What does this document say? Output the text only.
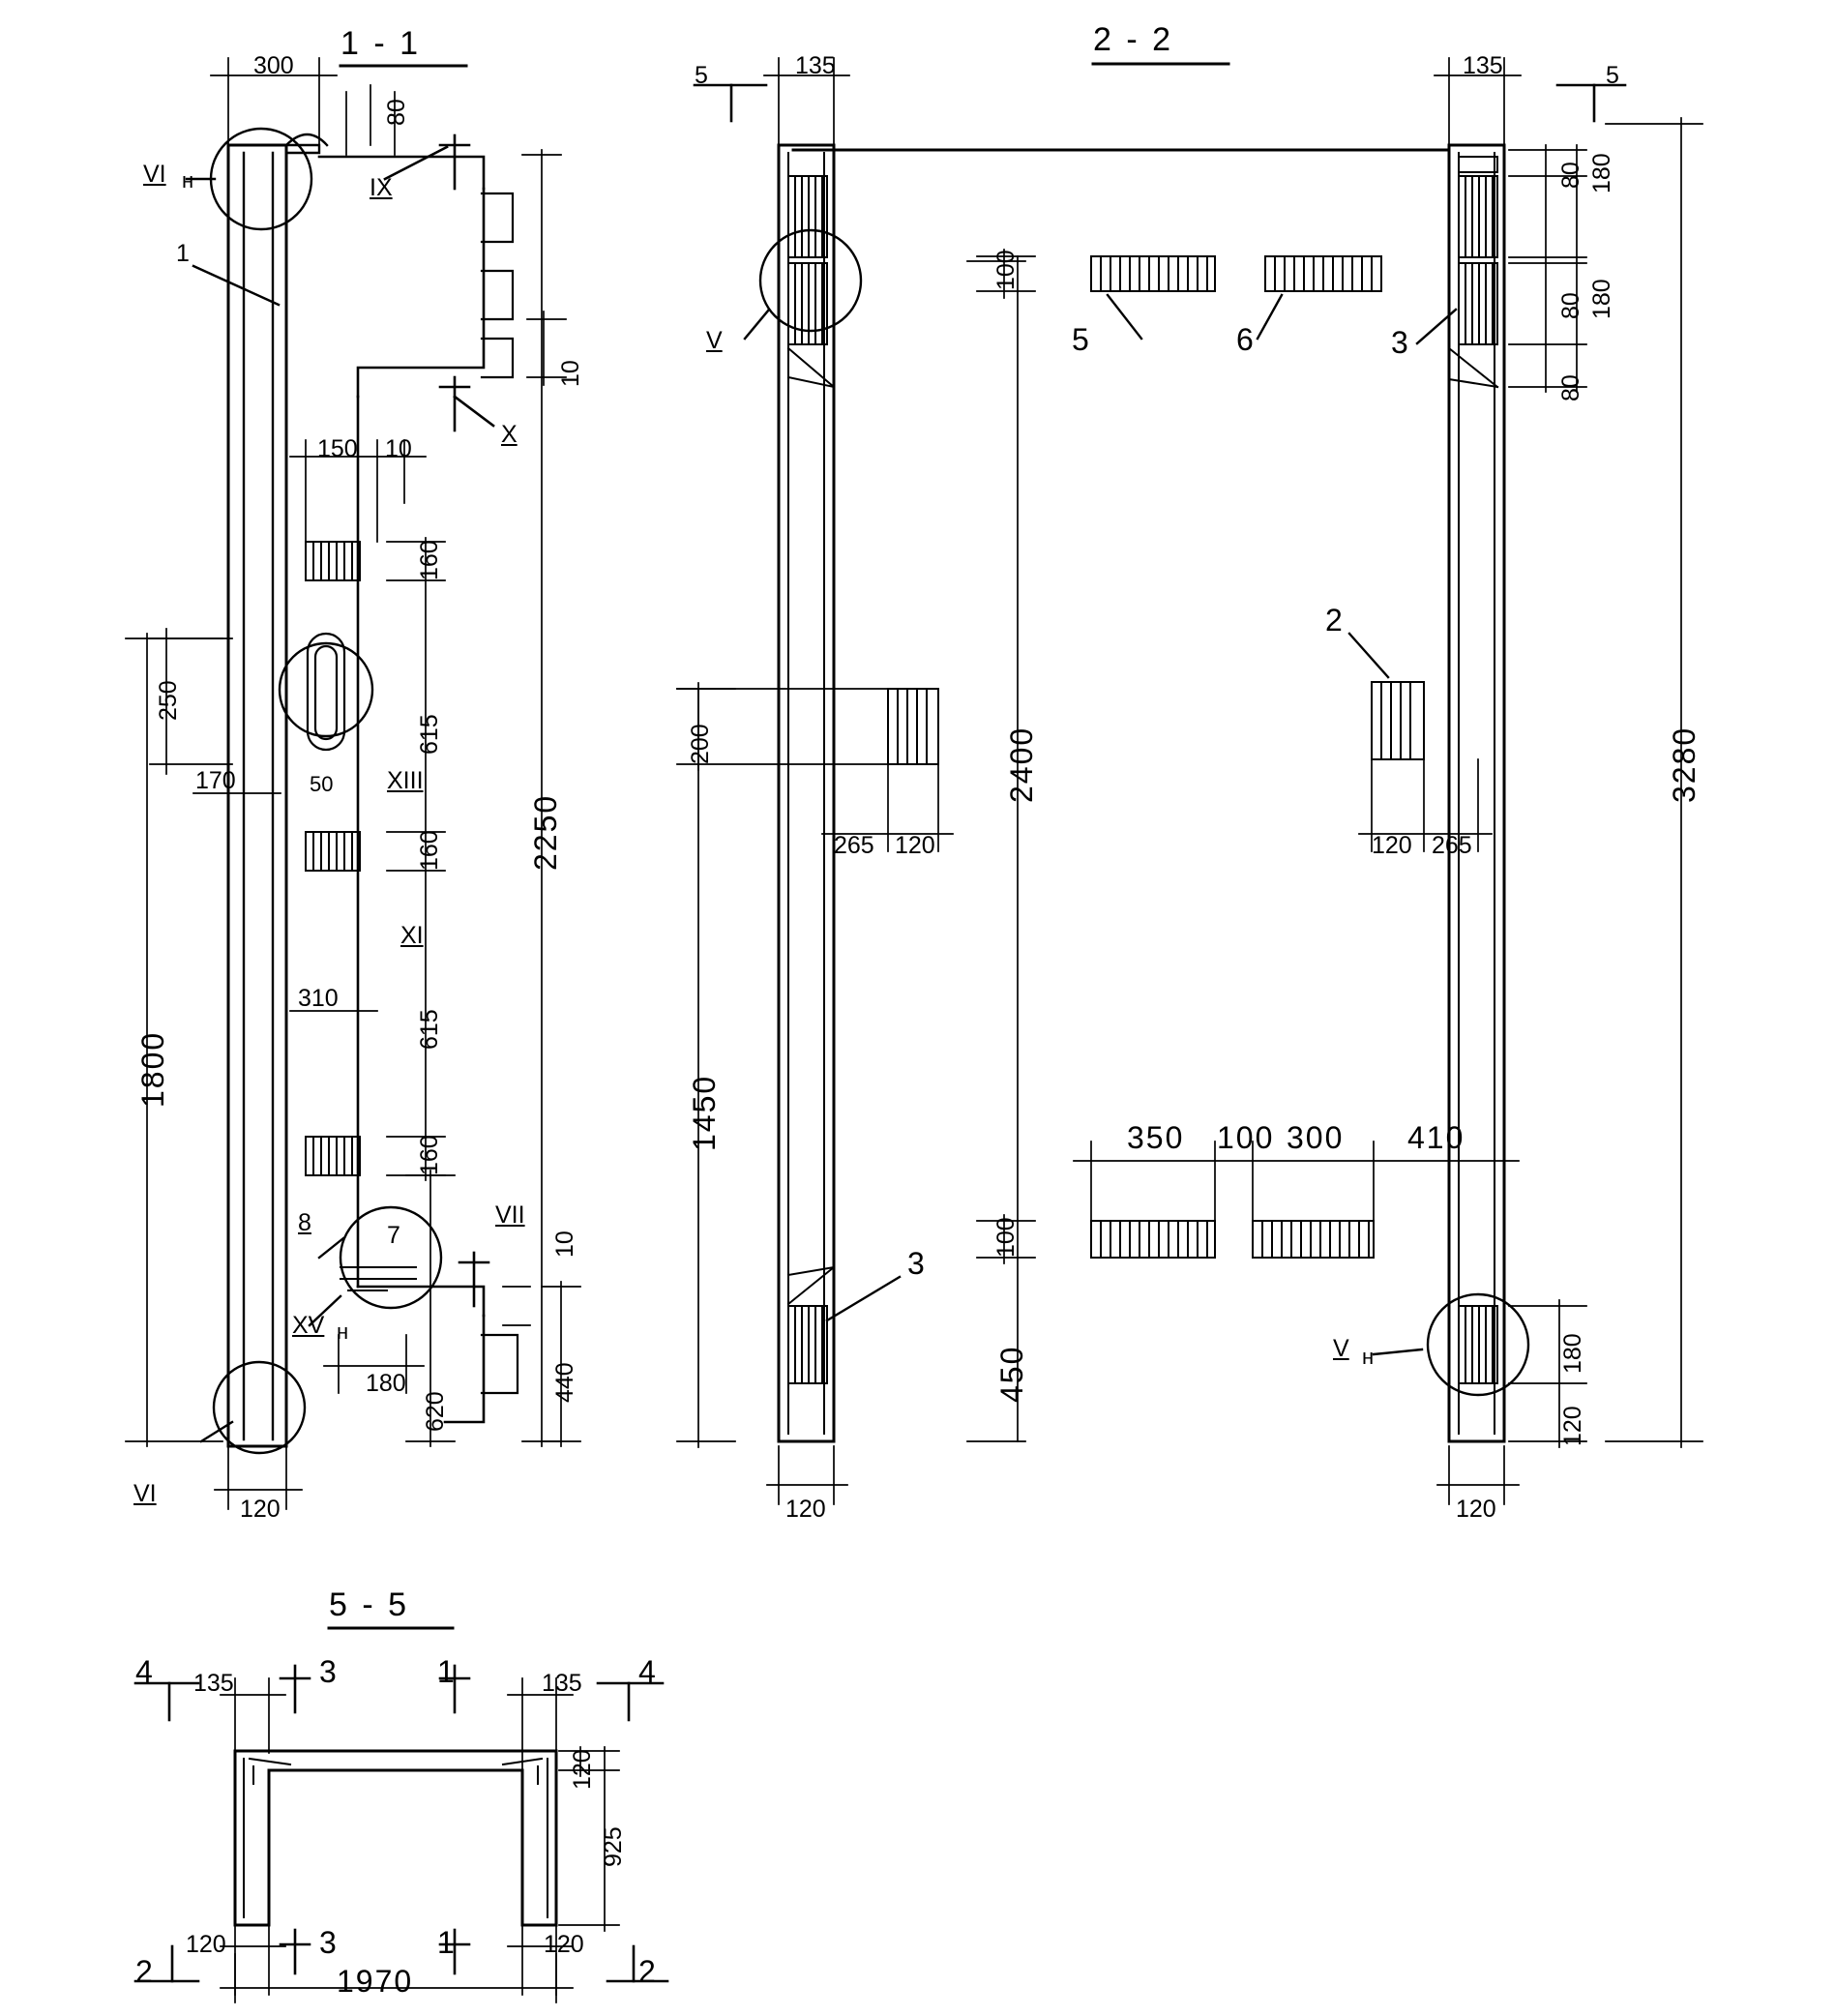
1 - 1
300
80
10
150 10
250
170	50
310
160
615
160
615
160
2250
1800
180
620
440
10
120
VI н	IX
X
XIII
XI
VII
XV н
VI
1
7
8
2 - 2
135	135
80 180
80 180
80
100
200
265 120	120 265
2400
1450
100
450
350 100 300 410
3280
180
120
120	120
5	5
V
V н
5	6	3
2
3
5 - 5
135	135
120
925
120	120
1970
4	4
3	1
3	1
2	2
